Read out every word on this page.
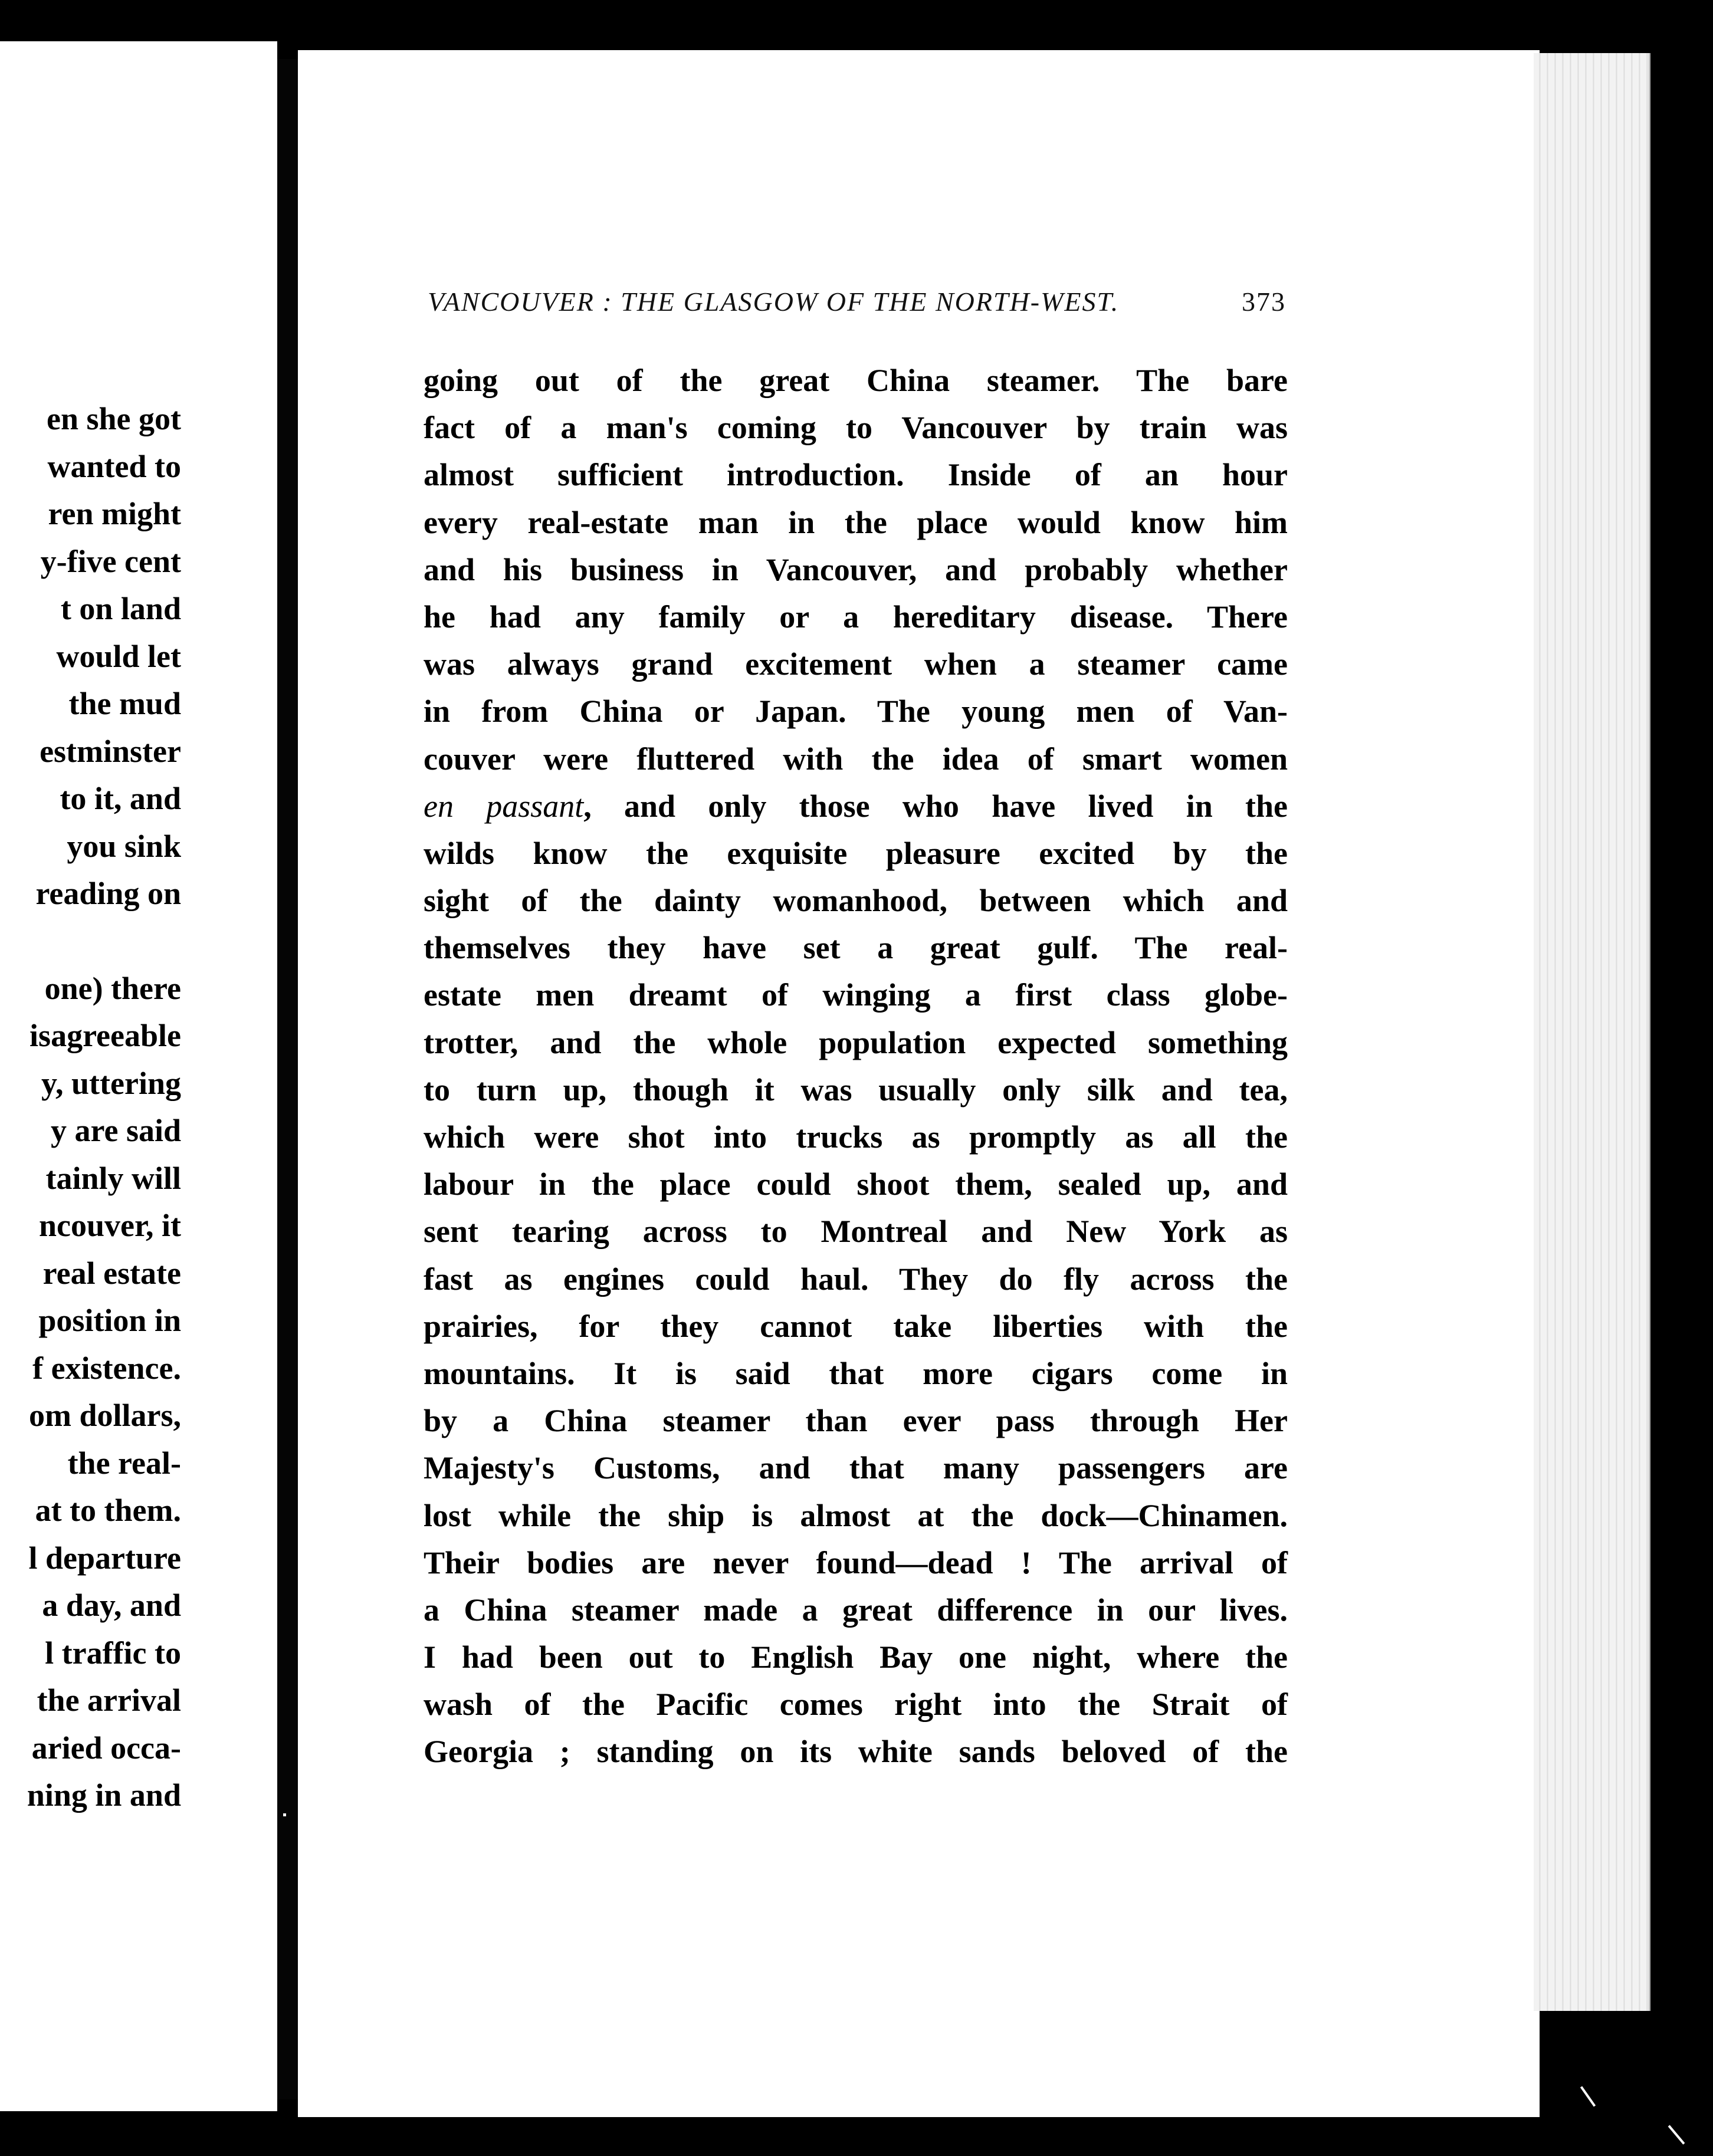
en she got
wanted to
ren might
y-five cent
t on land
would let
the mud
estminster
to it, and
you sink
reading on
one) there
isagreeable
y, uttering
y are said
tainly will
ncouver, it
real estate
position in
f existence.
om dollars,
the real-
at to them.
l departure
a day, and
l traffic to
the arrival
aried occa-
ning in and
VANCOUVER : THE GLASGOW OF THE NORTH-WEST.	373
going out of the great China steamer. The bare
fact of a man's coming to Vancouver by train was
almost sufficient introduction. Inside of an hour
every real-estate man in the place would know him
and his business in Vancouver, and probably whether
he had any family or a hereditary disease. There
was always grand excitement when a steamer came
in from China or Japan. The young men of Van-
couver were fluttered with the idea of smart women
en passant, and only those who have lived in the
wilds know the exquisite pleasure excited by the
sight of the dainty womanhood, between which and
themselves they have set a great gulf. The real-
estate men dreamt of winging a first class globe-
trotter, and the whole population expected something
to turn up, though it was usually only silk and tea,
which were shot into trucks as promptly as all the
labour in the place could shoot them, sealed up, and
sent tearing across to Montreal and New York as
fast as engines could haul. They do fly across the
prairies, for they cannot take liberties with the
mountains. It is said that more cigars come in
by a China steamer than ever pass through Her
Majesty's Customs, and that many passengers are
lost while the ship is almost at the dock—Chinamen.
Their bodies are never found—dead ! The arrival of
a China steamer made a great difference in our lives.
I had been out to English Bay one night, where the
wash of the Pacific comes right into the Strait of
Georgia ; standing on its white sands beloved of the
